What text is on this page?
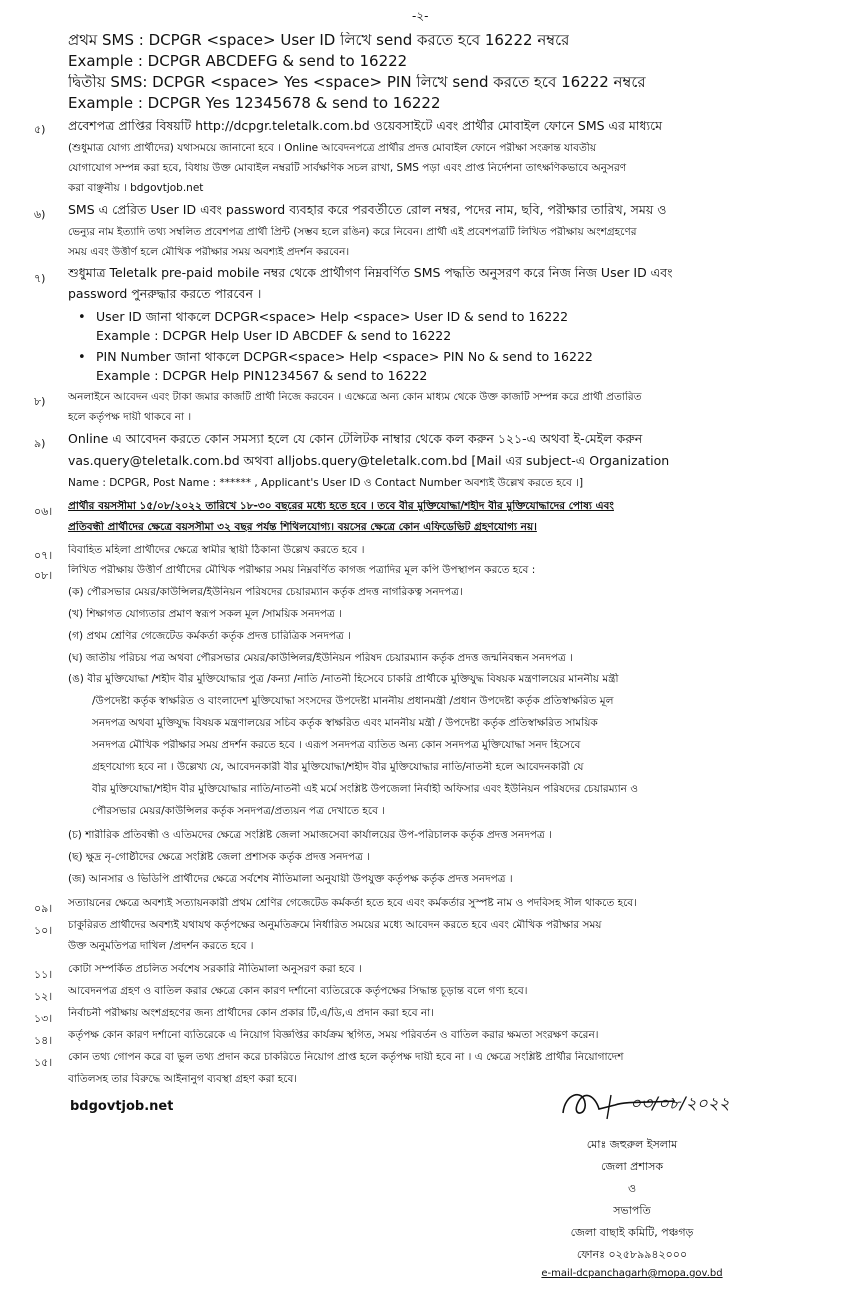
-২-
প্রথম SMS : DCPGR <space> User ID লিখে send করতে হবে 16222 নম্বরে
Example : DCPGR ABCDEFG & send to 16222
দ্বিতীয় SMS: DCPGR <space> Yes <space> PIN লিখে send করতে হবে 16222 নম্বরে
Example : DCPGR Yes 12345678 & send to 16222
৫) প্রবেশপত্র প্রাপ্তির বিষয়টি http://dcpgr.teletalk.com.bd ওয়েবসাইটে এবং প্রার্থীর মোবাইল ফোনে SMS এর মাধ্যমে
(শুধুমাত্র যোগ্য প্রার্থীদের) যথাসময়ে জানানো হবে । Online আবেদনপত্রে প্রার্থীর প্রদত্ত মোবাইল ফোনে পরীক্ষা সংক্রান্ত যাবতীয়
যোগাযোগ সম্পন্ন করা হবে, বিধায় উক্ত মোবাইল নম্বরটি সার্বক্ষণিক সচল রাখা, SMS পড়া এবং প্রাপ্ত নির্দেশনা তাৎক্ষণিকভাবে অনুসরণ
করা বাঞ্ছনীয় । bdgovtjob.net
৬) SMS এ প্রেরিত User ID এবং password ব্যবহার করে পরবর্তীতে রোল নম্বর, পদের নাম, ছবি, পরীক্ষার তারিখ, সময় ও
ভেন্যুর নাম ইত্যাদি তথ্য সম্বলিত প্রবেশপত্র প্রার্থী প্রিন্ট (সম্ভব হলে রঙিন) করে নিবেন। প্রার্থী এই প্রবেশপত্রটি লিখিত পরীক্ষায় অংশগ্রহণের
সময় এবং উত্তীর্ণ হলে মৌখিক পরীক্ষার সময় অবশ্যই প্রদর্শন করবেন।
৭) শুধুমাত্র Teletalk pre-paid mobile নম্বর থেকে প্রার্থীগণ নিম্নবর্ণিত SMS পদ্ধতি অনুসরণ করে নিজ নিজ User ID এবং
password পুনরুদ্ধার করতে পারবেন ।
• User ID জানা থাকলে DCPGR<space> Help <space> User ID & send to 16222
Example : DCPGR Help User ID ABCDEF & send to 16222
• PIN Number জানা থাকলে DCPGR<space> Help <space> PIN No & send to 16222
Example : DCPGR Help PIN1234567 & send to 16222
৮) অনলাইনে আবেদন এবং টাকা জমার কাজটি প্রার্থী নিজে করবেন । এক্ষেত্রে অন্য কোন মাধ্যম থেকে উক্ত কাজটি সম্পন্ন করে প্রার্থী প্রতারিত
হলে কর্তৃপক্ষ দায়ী থাকবে না ।
৯) Online এ আবেদন করতে কোন সমস্যা হলে যে কোন টেলিটক নাম্বার থেকে কল করুন ১২১-এ অথবা ই-মেইল করুন
vas.query@teletalk.com.bd অথবা alljobs.query@teletalk.com.bd [Mail এর subject-এ Organization
Name : DCPGR, Post Name : ****** , Applicant's User ID ও Contact Number অবশ্যই উল্লেখ করতে হবে ।]
০৬। প্রার্থীর বয়সসীমা ১৫/০৮/২০২২ তারিখে ১৮-৩০ বছরের মধ্যে হতে হবে । তবে বীর মুক্তিযোদ্ধা/শহীদ বীর মুক্তিযোদ্ধাদের পোষ্য এবং
প্রতিবন্ধী প্রার্থীদের ক্ষেত্রে বয়সসীমা ৩২ বছর পর্যন্ত শিথিলযোগ্য। বয়সের ক্ষেত্রে কোন এফিডেভিট গ্রহণযোগ্য নয়।
০৭। বিবাহিত মহিলা প্রার্থীদের ক্ষেত্রে স্বামীর স্থায়ী ঠিকানা উল্লেখ করতে হবে ।
০৮। লিখিত পরীক্ষায় উত্তীর্ণ প্রার্থীদের মৌখিক পরীক্ষার সময় নিম্নবর্ণিত কাগজ পত্রাদির মূল কপি উপস্থাপন করতে হবে :
(ক) পৌরসভার মেয়র/কাউন্সিলর/ইউনিয়ন পরিষদের চেয়ারম্যান কর্তৃক প্রদত্ত নাগরিকত্ব সনদপত্র।
(খ) শিক্ষাগত যোগ্যতার প্রমাণ স্বরূপ সকল মূল /সাময়িক সনদপত্র ।
(গ) প্রথম শ্রেণির গেজেটেড কর্মকর্তা কর্তৃক প্রদত্ত চারিত্রিক সনদপত্র ।
(ঘ) জাতীয় পরিচয় পত্র অথবা পৌরসভার মেয়র/কাউন্সিলর/ইউনিয়ন পরিষদ চেয়ারম্যান কর্তৃক প্রদত্ত জন্মনিবন্ধন সনদপত্র ।
(ঙ) বীর মুক্তিযোদ্ধা /শহীদ বীর মুক্তিযোদ্ধার পুত্র /কন্যা /নাতি /নাতনী হিসেবে চাকরি প্রার্থীকে মুক্তিযুদ্ধ বিষয়ক মন্ত্রণালয়ের মাননীয় মন্ত্রী
/উপদেষ্টা কর্তৃক স্বাক্ষরিত ও বাংলাদেশ মুক্তিযোদ্ধা সংসদের উপদেষ্টা মাননীয় প্রধানমন্ত্রী /প্রধান উপদেষ্টা কর্তৃক প্রতিস্বাক্ষরিত মূল
সনদপত্র অথবা মুক্তিযুদ্ধ বিষয়ক মন্ত্রণালয়ের সচিব কর্তৃক স্বাক্ষরিত এবং মাননীয় মন্ত্রী / উপদেষ্টা কর্তৃক প্রতিস্বাক্ষরিত সাময়িক
সনদপত্র মৌখিক পরীক্ষার সময় প্রদর্শন করতে হবে । এরূপ সনদপত্র ব্যতিত অন্য কোন সনদপত্র মুক্তিযোদ্ধা সনদ হিসেবে
গ্রহণযোগ্য হবে না । উল্লেখ্য যে, আবেদনকারী বীর মুক্তিযোদ্ধা/শহীদ বীর মুক্তিযোদ্ধার নাতি/নাতনী হলে আবেদনকারী যে
বীর মুক্তিযোদ্ধা/শহীদ বীর মুক্তিযোদ্ধার নাতি/নাতনী এই মর্মে সংশ্লিষ্ট উপজেলা নির্বাহী অফিসার এবং ইউনিয়ন পরিষদের চেয়ারম্যান ও
পৌরসভার মেয়র/কাউন্সিলর কর্তৃক সনদপত্র/প্রত্যয়ন পত্র দেখাতে হবে ।
(চ) শারীরিক প্রতিবন্ধী ও এতিমদের ক্ষেত্রে সংশ্লিষ্ট জেলা সমাজসেবা কার্যালয়ের উপ-পরিচালক কর্তৃক প্রদত্ত সনদপত্র ।
(ছ) ক্ষুদ্র নৃ-গোষ্ঠীদের ক্ষেত্রে সংশ্লিষ্ট জেলা প্রশাসক কর্তৃক প্রদত্ত সনদপত্র ।
(জ) আনসার ও ভিডিপি প্রার্থীদের ক্ষেত্রে সর্বশেষ নীতিমালা অনুযায়ী উপযুক্ত কর্তৃপক্ষ কর্তৃক প্রদত্ত সনদপত্র ।
০৯। সত্যায়নের ক্ষেত্রে অবশ্যই সত্যায়নকারী প্রথম শ্রেণির গেজেটেড কর্মকর্তা হতে হবে এবং কর্মকর্তার সুস্পষ্ট নাম ও পদবিসহ সীল থাকতে হবে।
১০। চাকুরিরত প্রার্থীদের অবশ্যই যথাযথ কর্তৃপক্ষের অনুমতিক্রমে নির্ধারিত সময়ের মধ্যে আবেদন করতে হবে এবং মৌখিক পরীক্ষার সময়
উক্ত অনুমতিপত্র দাখিল /প্রদর্শন করতে হবে ।
১১। কোটা সম্পর্কিত প্রচলিত সর্বশেষ সরকারি নীতিমালা অনুসরণ করা হবে ।
১২। আবেদনপত্র গ্রহণ ও বাতিল করার ক্ষেত্রে কোন কারণ দর্শানো ব্যতিরেকে কর্তৃপক্ষের সিদ্ধান্ত চূড়ান্ত বলে গণ্য হবে।
১৩। নির্বাচনী পরীক্ষায় অংশগ্রহণের জন্য প্রার্থীদের কোন প্রকার টি,এ/ডি,এ প্রদান করা হবে না।
১৪। কর্তৃপক্ষ কোন কারণ দর্শানো ব্যতিরেকে এ নিয়োগ বিজ্ঞপ্তির কার্যক্রম স্থগিত, সময় পরিবর্তন ও বাতিল করার ক্ষমতা সংরক্ষণ করেন।
১৫। কোন তথ্য গোপন করে বা ভুল তথ্য প্রদান করে চাকরিতে নিয়োগ প্রাপ্ত হলে কর্তৃপক্ষ দায়ী হবে না । এ ক্ষেত্রে সংশ্লিষ্ট প্রার্থীর নিয়োগাদেশ
বাতিলসহ তার বিরুদ্ধে আইনানুগ ব্যবস্থা গ্রহণ করা হবে।
bdgovtjob.net	০৩/০৮/২০২২
মোঃ জহুরুল ইসলাম
জেলা প্রশাসক
ও
সভাপতি
জেলা বাছাই কমিটি, পঞ্চগড়
ফোনঃ ০২৫৮৯৯৪২০০০
e-mail-dcpanchagarh@mopa.gov.bd
